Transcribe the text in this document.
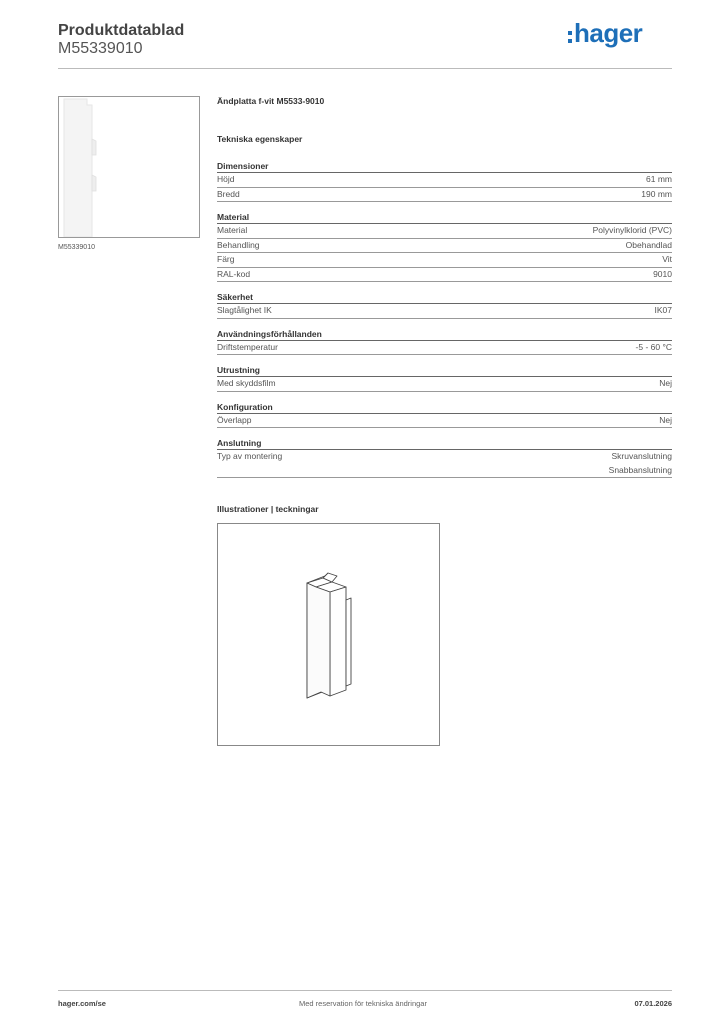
Produktdatablad
M55339010
hager
M55339010
Ändplatta f-vit M5533-9010
Tekniska egenskaper
Dimensioner
Höjd	61 mm
Bredd	190 mm
Material
Material	Polyvinylklorid (PVC)
Behandling	Obehandlad
Färg	Vit
RAL-kod	9010
Säkerhet
Slagtålighet IK	IK07
Användningsförhållanden
Driftstemperatur	-5 - 60 °C
Utrustning
Med skyddsfilm	Nej
Konfiguration
Överlapp	Nej
Anslutning
Typ av montering	Skruvanslutning
Snabbanslutning
Illustrationer | teckningar
hager.com/se	Med reservation för tekniska ändringar	07.01.2026
